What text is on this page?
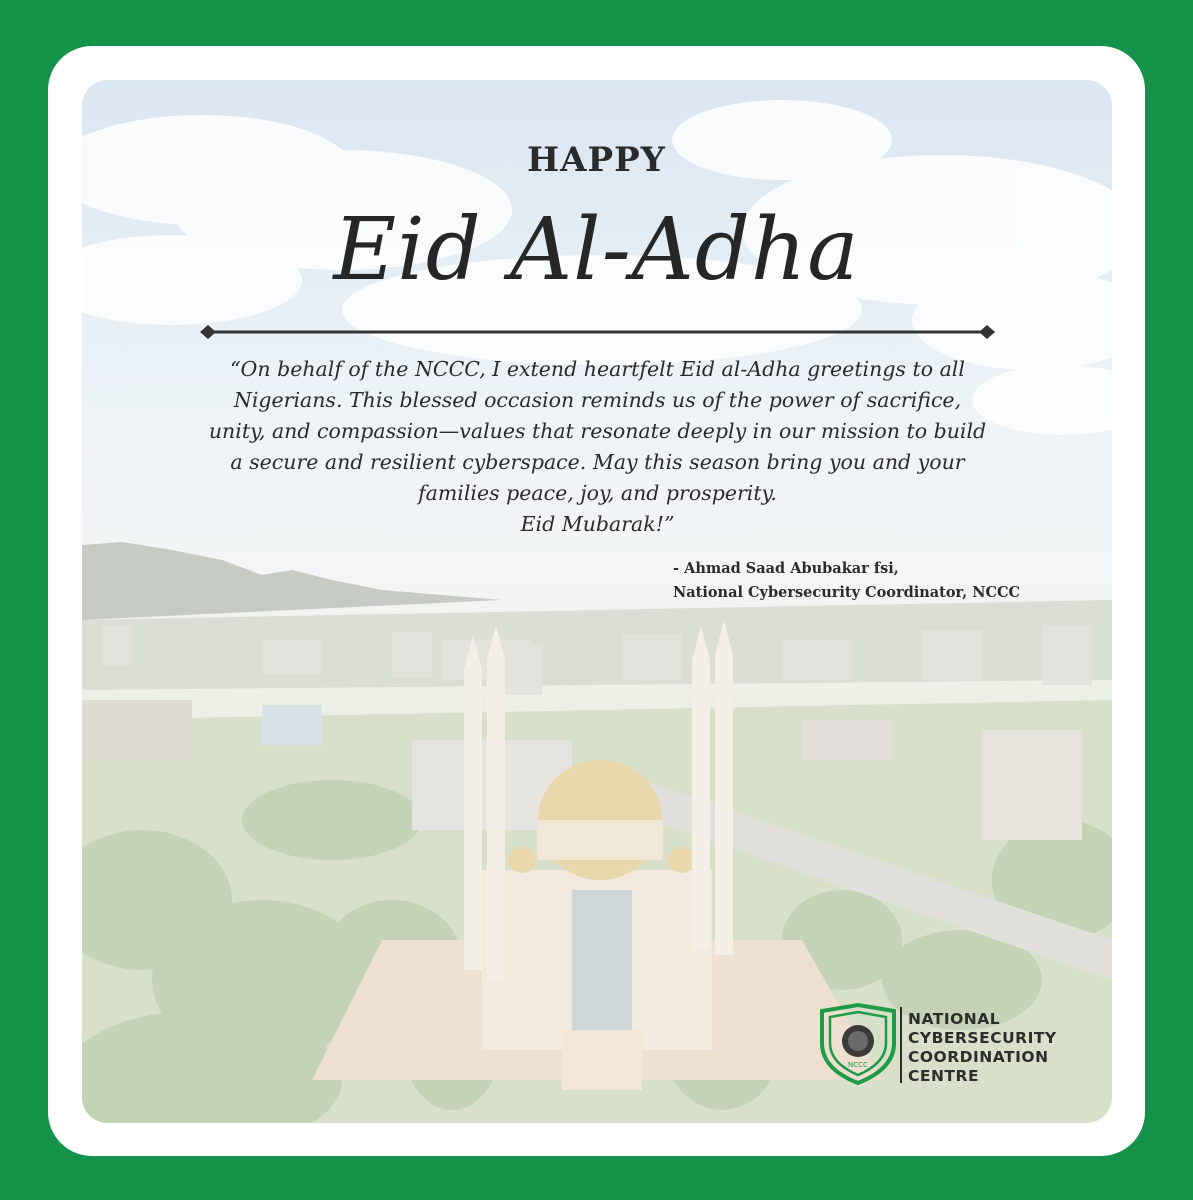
HAPPY
Eid Al-Adha
“On behalf of the NCCC, I extend heartfelt Eid al-Adha greetings to all
Nigerians. This blessed occasion reminds us of the power of sacrifice,
unity, and compassion—values that resonate deeply in our mission to build
a secure and resilient cyberspace. May this season bring you and your
families peace, joy, and prosperity.
Eid Mubarak!”
- Ahmad Saad Abubakar fsi,
National Cybersecurity Coordinator, NCCC
NCCC
NATIONAL
CYBERSECURITY
COORDINATION
CENTRE
